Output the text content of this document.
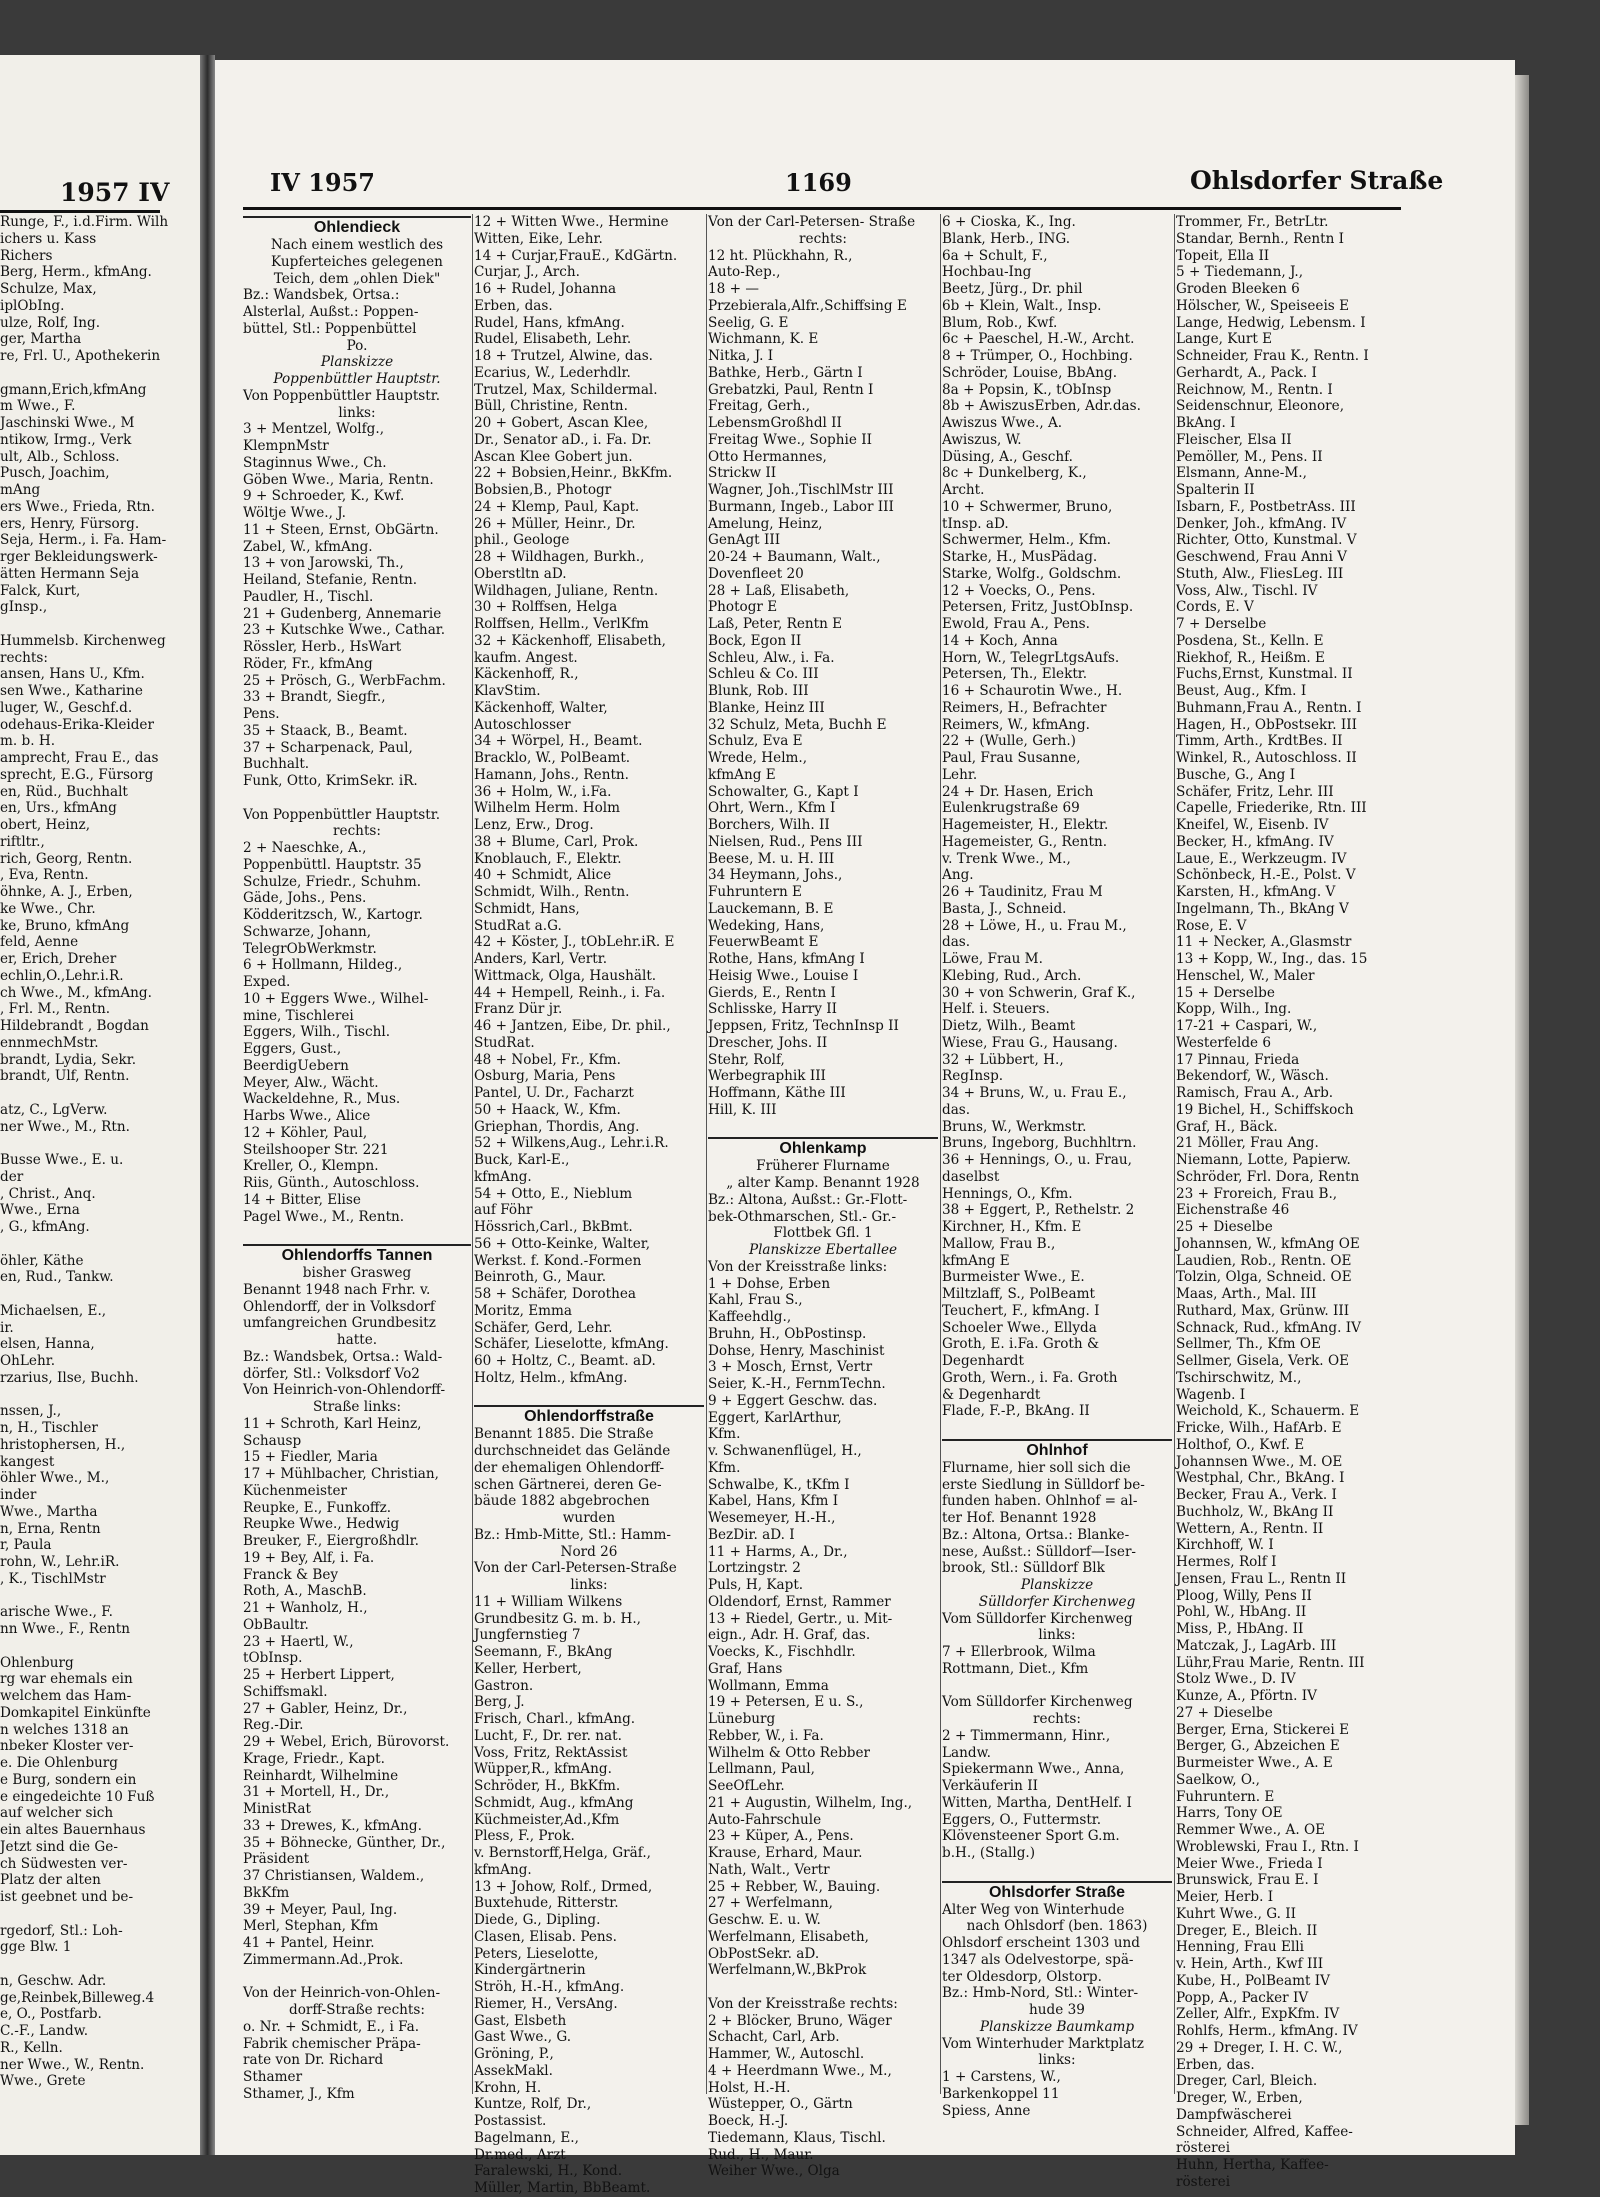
1957 IV
Runge, F., i.d.Firm. Wilh
ichers u. Kass
Richers
Berg, Herm., kfmAng.
Schulze, Max,
iplObIng.
ulze, Rolf, Ing.
ger, Martha
re, Frl. U., Apothekerin
gmann,Erich,kfmAng
m Wwe., F.
Jaschinski Wwe., M
ntikow, Irmg., Verk
ult, Alb., Schloss.
Pusch, Joachim,
mAng
ers Wwe., Frieda, Rtn.
ers, Henry, Fürsorg.
Seja, Herm., i. Fa. Ham-
rger Bekleidungswerk-
ätten Hermann Seja
Falck, Kurt,
gInsp.,
Hummelsb. Kirchenweg
rechts:
ansen, Hans U., Kfm.
sen Wwe., Katharine
luger, W., Geschf.d.
odehaus-Erika-Kleider
m. b. H.
amprecht, Frau E., das
sprecht, E.G., Fürsorg
en, Rüd., Buchhalt
en, Urs., kfmAng
obert, Heinz,
riftltr.,
rich, Georg, Rentn.
, Eva, Rentn.
öhnke, A. J., Erben,
ke Wwe., Chr.
ke, Bruno, kfmAng
feld, Aenne
er, Erich, Dreher
echlin,O.,Lehr.i.R.
ch Wwe., M., kfmAng.
, Frl. M., Rentn.
Hildebrandt , Bogdan
ennmechMstr.
brandt, Lydia, Sekr.
brandt, Ulf, Rentn.
atz, C., LgVerw.
ner Wwe., M., Rtn.
Busse Wwe., E. u.
der
, Christ., Anq.
Wwe., Erna
, G., kfmAng.
öhler, Käthe
en, Rud., Tankw.
Michaelsen, E.,
ir.
elsen, Hanna,
OhLehr.
rzarius, Ilse, Buchh.
nssen, J.,
n, H., Tischler
hristophersen, H.,
kangest
öhler Wwe., M.,
inder
Wwe., Martha
n, Erna, Rentn
r, Paula
rohn, W., Lehr.iR.
, K., TischlMstr
arische Wwe., F.
nn Wwe., F., Rentn
Ohlenburg
rg war ehemals ein
welchem das Ham-
Domkapitel Einkünfte
n welches 1318 an
nbeker Kloster ver-
e. Die Ohlenburg
e Burg, sondern ein
e eingedeichte 10 Fuß
auf welcher sich
ein altes Bauernhaus
Jetzt sind die Ge-
ch Südwesten ver-
Platz der alten
ist geebnet und be-
rgedorf, Stl.: Loh-
gge Blw. 1
n, Geschw. Adr.
ge,Reinbek,Billeweg.4
e, O., Postfarb.
C.-F., Landw.
R., Kelln.
ner Wwe., W., Rentn.
Wwe., Grete
IV 1957	1169	Ohlsdorfer Straße
Ohlendieck
Nach einem westlich des
Kupferteiches gelegenen
Teich, dem „ohlen Diek"
Bz.: Wandsbek, Ortsa.:
Alsterlal, Außst.: Poppen-
büttel, Stl.: Poppenbüttel
Po.
Planskizze
Poppenbüttler Hauptstr.
Von Poppenbüttler Hauptstr.
links:
3 + Mentzel, Wolfg.,
KlempnMstr
Staginnus Wwe., Ch.
Göben Wwe., Maria, Rentn.
9 + Schroeder, K., Kwf.
Wöltje Wwe., J.
11 + Steen, Ernst, ObGärtn.
Zabel, W., kfmAng.
13 + von Jarowski, Th.,
Heiland, Stefanie, Rentn.
Paudler, H., Tischl.
21 + Gudenberg, Annemarie
23 + Kutschke Wwe., Cathar.
Rössler, Herb., HsWart
Röder, Fr., kfmAng
25 + Prösch, G., WerbFachm.
33 + Brandt, Siegfr.,
Pens.
35 + Staack, B., Beamt.
37 + Scharpenack, Paul,
Buchhalt.
Funk, Otto, KrimSekr. iR.
Von Poppenbüttler Hauptstr.
rechts:
2 + Naeschke, A.,
Poppenbüttl. Hauptstr. 35
Schulze, Friedr., Schuhm.
Gäde, Johs., Pens.
Ködderitzsch, W., Kartogr.
Schwarze, Johann,
TelegrObWerkmstr.
6 + Hollmann, Hildeg.,
Exped.
10 + Eggers Wwe., Wilhel-
mine, Tischlerei
Eggers, Wilh., Tischl.
Eggers, Gust.,
BeerdigUebern
Meyer, Alw., Wächt.
Wackeldehne, R., Mus.
Harbs Wwe., Alice
12 + Köhler, Paul,
Steilshooper Str. 221
Kreller, O., Klempn.
Riis, Günth., Autoschloss.
14 + Bitter, Elise
Pagel Wwe., M., Rentn.
Ohlendorffs Tannen
bisher Grasweg
Benannt 1948 nach Frhr. v.
Ohlendorff, der in Volksdorf
umfangreichen Grundbesitz
hatte.
Bz.: Wandsbek, Ortsa.: Wald-
dörfer, Stl.: Volksdorf Vo2
Von Heinrich-von-Ohlendorff-
Straße links:
11 + Schroth, Karl Heinz,
Schausp
15 + Fiedler, Maria
17 + Mühlbacher, Christian,
Küchenmeister
Reupke, E., Funkoffz.
Reupke Wwe., Hedwig
Breuker, F., Eiergroßhdlr.
19 + Bey, Alf, i. Fa.
Franck & Bey
Roth, A., MaschB.
21 + Wanholz, H.,
ObBaultr.
23 + Haertl, W.,
tObInsp.
25 + Herbert Lippert,
Schiffsmakl.
27 + Gabler, Heinz, Dr.,
Reg.-Dir.
29 + Webel, Erich, Bürovorst.
Krage, Friedr., Kapt.
Reinhardt, Wilhelmine
31 + Mortell, H., Dr.,
MinistRat
33 + Drewes, K., kfmAng.
35 + Böhnecke, Günther, Dr.,
Präsident
37 Christiansen, Waldem.,
BkKfm
39 + Meyer, Paul, Ing.
Merl, Stephan, Kfm
41 + Pantel, Heinr.
Zimmermann.Ad.,Prok.
Von der Heinrich-von-Ohlen-
dorff-Straße rechts:
o. Nr. + Schmidt, E., i Fa.
Fabrik chemischer Präpa-
rate von Dr. Richard
Sthamer
Sthamer, J., Kfm
12 + Witten Wwe., Hermine
Witten, Eike, Lehr.
14 + Curjar,FrauE., KdGärtn.
Curjar, J., Arch.
16 + Rudel, Johanna
Erben, das.
Rudel, Hans, kfmAng.
Rudel, Elisabeth, Lehr.
18 + Trutzel, Alwine, das.
Ecarius, W., Lederhdlr.
Trutzel, Max, Schildermal.
Büll, Christine, Rentn.
20 + Gobert, Ascan Klee,
Dr., Senator aD., i. Fa. Dr.
Ascan Klee Gobert jun.
22 + Bobsien,Heinr., BkKfm.
Bobsien,B., Photogr
24 + Klemp, Paul, Kapt.
26 + Müller, Heinr., Dr.
phil., Geologe
28 + Wildhagen, Burkh.,
Oberstltn aD.
Wildhagen, Juliane, Rentn.
30 + Rolffsen, Helga
Rolffsen, Hellm., VerlKfm
32 + Käckenhoff, Elisabeth,
kaufm. Angest.
Käckenhoff, R.,
KlavStim.
Käckenhoff, Walter,
Autoschlosser
34 + Wörpel, H., Beamt.
Bracklo, W., PolBeamt.
Hamann, Johs., Rentn.
36 + Holm, W., i.Fa.
Wilhelm Herm. Holm
Lenz, Erw., Drog.
38 + Blume, Carl, Prok.
Knoblauch, F., Elektr.
40 + Schmidt, Alice
Schmidt, Wilh., Rentn.
Schmidt, Hans,
StudRat a.G.
42 + Köster, J., tObLehr.iR. E
Anders, Karl, Vertr.
Wittmack, Olga, Haushält.
44 + Hempell, Reinh., i. Fa.
Franz Dür jr.
46 + Jantzen, Eibe, Dr. phil.,
StudRat.
48 + Nobel, Fr., Kfm.
Osburg, Maria, Pens
Pantel, U. Dr., Facharzt
50 + Haack, W., Kfm.
Griephan, Thordis, Ang.
52 + Wilkens,Aug., Lehr.i.R.
Buck, Karl-E.,
kfmAng.
54 + Otto, E., Nieblum
auf Föhr
Hössrich,Carl., BkBmt.
56 + Otto-Keinke, Walter,
Werkst. f. Kond.-Formen
Beinroth, G., Maur.
58 + Schäfer, Dorothea
Moritz, Emma
Schäfer, Gerd, Lehr.
Schäfer, Lieselotte, kfmAng.
60 + Holtz, C., Beamt. aD.
Holtz, Helm., kfmAng.
Ohlendorffstraße
Benannt 1885. Die Straße
durchschneidet das Gelände
der ehemaligen Ohlendorff-
schen Gärtnerei, deren Ge-
bäude 1882 abgebrochen
wurden
Bz.: Hmb-Mitte, Stl.: Hamm-
Nord 26
Von der Carl-Petersen-Straße
links:
11 + William Wilkens
Grundbesitz G. m. b. H.,
Jungfernstieg 7
Seemann, F., BkAng
Keller, Herbert,
Gastron.
Berg, J.
Frisch, Charl., kfmAng.
Lucht, F., Dr. rer. nat.
Voss, Fritz, RektAssist
Wüpper,R., kfmAng.
Schröder, H., BkKfm.
Schmidt, Aug., kfmAng
Küchmeister,Ad.,Kfm
Pless, F., Prok.
v. Bernstorff,Helga, Gräf.,
kfmAng.
13 + Johow, Rolf., Drmed,
Buxtehude, Ritterstr.
Diede, G., Dipling.
Clasen, Elisab. Pens.
Peters, Lieselotte,
Kindergärtnerin
Ströh, H.-H., kfmAng.
Riemer, H., VersAng.
Gast, Elsbeth
Gast Wwe., G.
Gröning, P.,
AssekMakl.
Krohn, H.
Kuntze, Rolf, Dr.,
Postassist.
Bagelmann, E.,
Dr.med., Arzt
Faralewski, H., Kond.
Müller, Martin, BbBeamt.
Von der Carl-Petersen- Straße
rechts:
12 ht. Plückhahn, R.,
Auto-Rep.,
18 + —
Przebierala,Alfr.,Schiffsing E
Seelig, G. E
Wichmann, K. E
Nitka, J. I
Bathke, Herb., Gärtn I
Grebatzki, Paul, Rentn I
Freitag, Gerh.,
LebensmGroßhdl II
Freitag Wwe., Sophie II
Otto Hermannes,
Strickw II
Wagner, Joh.,TischlMstr III
Burmann, Ingeb., Labor III
Amelung, Heinz,
GenAgt III
20-24 + Baumann, Walt.,
Dovenfleet 20
28 + Laß, Elisabeth,
Photogr E
Laß, Peter, Rentn E
Bock, Egon II
Schleu, Alw., i. Fa.
Schleu & Co. III
Blunk, Rob. III
Blanke, Heinz III
32 Schulz, Meta, Buchh E
Schulz, Eva E
Wrede, Helm.,
kfmAng E
Schowalter, G., Kapt I
Ohrt, Wern., Kfm I
Borchers, Wilh. II
Nielsen, Rud., Pens III
Beese, M. u. H. III
34 Heymann, Johs.,
Fuhruntern E
Lauckemann, B. E
Wedeking, Hans,
FeuerwBeamt E
Rothe, Hans, kfmAng I
Heisig Wwe., Louise I
Gierds, E., Rentn I
Schlisske, Harry II
Jeppsen, Fritz, TechnInsp II
Drescher, Johs. II
Stehr, Rolf,
Werbegraphik III
Hoffmann, Käthe III
Hill, K. III
Ohlenkamp
Früherer Flurname
„ alter Kamp. Benannt 1928
Bz.: Altona, Außst.: Gr.-Flott-
bek-Othmarschen, Stl.- Gr.-
Flottbek Gfl. 1
Planskizze Ebertallee
Von der Kreisstraße links:
1 + Dohse, Erben
Kahl, Frau S.,
Kaffeehdlg.,
Bruhn, H., ObPostinsp.
Dohse, Henry, Maschinist
3 + Mosch, Ernst, Vertr
Seier, K.-H., FernmTechn.
9 + Eggert Geschw. das.
Eggert, KarlArthur,
Kfm.
v. Schwanenflügel, H.,
Kfm.
Schwalbe, K., tKfm I
Kabel, Hans, Kfm I
Wesemeyer, H.-H.,
BezDir. aD. I
11 + Harms, A., Dr.,
Lortzingstr. 2
Puls, H, Kapt.
Oldendorf, Ernst, Rammer
13 + Riedel, Gertr., u. Mit-
eign., Adr. H. Graf, das.
Voecks, K., Fischhdlr.
Graf, Hans
Wollmann, Emma
19 + Petersen, E u. S.,
Lüneburg
Rebber, W., i. Fa.
Wilhelm & Otto Rebber
Lellmann, Paul,
SeeOfLehr.
21 + Augustin, Wilhelm, Ing.,
Auto-Fahrschule
23 + Küper, A., Pens.
Krause, Erhard, Maur.
Nath, Walt., Vertr
25 + Rebber, W., Bauing.
27 + Werfelmann,
Geschw. E. u. W.
Werfelmann, Elisabeth,
ObPostSekr. aD.
Werfelmann,W.,BkProk
Von der Kreisstraße rechts:
2 + Blöcker, Bruno, Wäger
Schacht, Carl, Arb.
Hammer, W., Autoschl.
4 + Heerdmann Wwe., M.,
Holst, H.-H.
Wüstepper, O., Gärtn
Boeck, H.-J.
Tiedemann, Klaus, Tischl.
Rud., H., Maur.
Weiher Wwe., Olga
6 + Cioska, K., Ing.
Blank, Herb., ING.
6a + Schult, F.,
Hochbau-Ing
Beetz, Jürg., Dr. phil
6b + Klein, Walt., Insp.
Blum, Rob., Kwf.
6c + Paeschel, H.-W., Archt.
8 + Trümper, O., Hochbing.
Schröder, Louise, BbAng.
8a + Popsin, K., tObInsp
8b + AwiszusErben, Adr.das.
Awiszus Wwe., A.
Awiszus, W.
Düsing, A., Geschf.
8c + Dunkelberg, K.,
Archt.
10 + Schwermer, Bruno,
tInsp. aD.
Schwermer, Helm., Kfm.
Starke, H., MusPädag.
Starke, Wolfg., Goldschm.
12 + Voecks, O., Pens.
Petersen, Fritz, JustObInsp.
Ewold, Frau A., Pens.
14 + Koch, Anna
Horn, W., TelegrLtgsAufs.
Petersen, Th., Elektr.
16 + Schaurotin Wwe., H.
Reimers, H., Befrachter
Reimers, W., kfmAng.
22 + (Wulle, Gerh.)
Paul, Frau Susanne,
Lehr.
24 + Dr. Hasen, Erich
Eulenkrugstraße 69
Hagemeister, H., Elektr.
Hagemeister, G., Rentn.
v. Trenk Wwe., M.,
Ang.
26 + Taudinitz, Frau M
Basta, J., Schneid.
28 + Löwe, H., u. Frau M.,
das.
Löwe, Frau M.
Klebing, Rud., Arch.
30 + von Schwerin, Graf K.,
Helf. i. Steuers.
Dietz, Wilh., Beamt
Wiese, Frau G., Hausang.
32 + Lübbert, H.,
RegInsp.
34 + Bruns, W., u. Frau E.,
das.
Bruns, W., Werkmstr.
Bruns, Ingeborg, Buchhltrn.
36 + Hennings, O., u. Frau,
daselbst
Hennings, O., Kfm.
38 + Eggert, P., Rethelstr. 2
Kirchner, H., Kfm. E
Mallow, Frau B.,
kfmAng E
Burmeister Wwe., E.
Miltzlaff, S., PolBeamt
Teuchert, F., kfmAng. I
Schoeler Wwe., Ellyda
Groth, E. i.Fa. Groth &
Degenhardt
Groth, Wern., i. Fa. Groth
& Degenhardt
Flade, F.-P., BkAng. II
Ohlnhof
Flurname, hier soll sich die
erste Siedlung in Sülldorf be-
funden haben. Ohlnhof = al-
ter Hof. Benannt 1928
Bz.: Altona, Ortsa.: Blanke-
nese, Außst.: Sülldorf—Iser-
brook, Stl.: Sülldorf Blk
Planskizze
Sülldorfer Kirchenweg
Vom Sülldorfer Kirchenweg
links:
7 + Ellerbrook, Wilma
Rottmann, Diet., Kfm
Vom Sülldorfer Kirchenweg
rechts:
2 + Timmermann, Hinr.,
Landw.
Spiekermann Wwe., Anna,
Verkäuferin II
Witten, Martha, DentHelf. I
Eggers, O., Futtermstr.
Klövensteener Sport G.m.
b.H., (Stallg.)
Ohlsdorfer Straße
Alter Weg von Winterhude
nach Ohlsdorf (ben. 1863)
Ohlsdorf erscheint 1303 und
1347 als Odelvestorpe, spä-
ter Oldesdorp, Olstorp.
Bz.: Hmb-Nord, Stl.: Winter-
hude 39
Planskizze Baumkamp
Vom Winterhuder Marktplatz
links:
1 + Carstens, W.,
Barkenkoppel 11
Spiess, Anne
Trommer, Fr., BetrLtr.
Standar, Bernh., Rentn I
Topeit, Ella II
5 + Tiedemann, J.,
Groden Bleeken 6
Hölscher, W., Speiseeis E
Lange, Hedwig, Lebensm. I
Lange, Kurt E
Schneider, Frau K., Rentn. I
Gerhardt, A., Pack. I
Reichnow, M., Rentn. I
Seidenschnur, Eleonore,
BkAng. I
Fleischer, Elsa II
Pemöller, M., Pens. II
Elsmann, Anne-M.,
Spalterin II
Isbarn, F., PostbetrAss. III
Denker, Joh., kfmAng. IV
Richter, Otto, Kunstmal. V
Geschwend, Frau Anni V
Stuth, Alw., FliesLeg. III
Voss, Alw., Tischl. IV
Cords, E. V
7 + Derselbe
Posdena, St., Kelln. E
Riekhof, R., Heißm. E
Fuchs,Ernst, Kunstmal. II
Beust, Aug., Kfm. I
Buhmann,Frau A., Rentn. I
Hagen, H., ObPostsekr. III
Timm, Arth., KrdtBes. II
Winkel, R., Autoschloss. II
Busche, G., Ang I
Schäfer, Fritz, Lehr. III
Capelle, Friederike, Rtn. III
Kneifel, W., Eisenb. IV
Becker, H., kfmAng. IV
Laue, E., Werkzeugm. IV
Schönbeck, H.-E., Polst. V
Karsten, H., kfmAng. V
Ingelmann, Th., BkAng V
Rose, E. V
11 + Necker, A.,Glasmstr
13 + Kopp, W., Ing., das. 15
Henschel, W., Maler
15 + Derselbe
Kopp, Wilh., Ing.
17-21 + Caspari, W.,
Westerfelde 6
17 Pinnau, Frieda
Bekendorf, W., Wäsch.
Ramisch, Frau A., Arb.
19 Bichel, H., Schiffskoch
Graf, H., Bäck.
21 Möller, Frau Ang.
Niemann, Lotte, Papierw.
Schröder, Frl. Dora, Rentn
23 + Froreich, Frau B.,
Eichenstraße 46
25 + Dieselbe
Johannsen, W., kfmAng OE
Laudien, Rob., Rentn. OE
Tolzin, Olga, Schneid. OE
Maas, Arth., Mal. III
Ruthard, Max, Grünw. III
Schnack, Rud., kfmAng. IV
Sellmer, Th., Kfm OE
Sellmer, Gisela, Verk. OE
Tschirschwitz, M.,
Wagenb. I
Weichold, K., Schauerm. E
Fricke, Wilh., HafArb. E
Holthof, O., Kwf. E
Johannsen Wwe., M. OE
Westphal, Chr., BkAng. I
Becker, Frau A., Verk. I
Buchholz, W., BkAng II
Wettern, A., Rentn. II
Kirchhoff, W. I
Hermes, Rolf I
Jensen, Frau L., Rentn II
Ploog, Willy, Pens II
Pohl, W., HbAng. II
Miss, P., HbAng. II
Matczak, J., LagArb. III
Lühr,Frau Marie, Rentn. III
Stolz Wwe., D. IV
Kunze, A., Pförtn. IV
27 + Dieselbe
Berger, Erna, Stickerei E
Berger, G., Abzeichen E
Burmeister Wwe., A. E
Saelkow, O.,
Fuhruntern. E
Harrs, Tony OE
Remmer Wwe., A. OE
Wroblewski, Frau I., Rtn. I
Meier Wwe., Frieda I
Brunswick, Frau E. I
Meier, Herb. I
Kuhrt Wwe., G. II
Dreger, E., Bleich. II
Henning, Frau Elli
v. Hein, Arth., Kwf III
Kube, H., PolBeamt IV
Popp, A., Packer IV
Zeller, Alfr., ExpKfm. IV
Rohlfs, Herm., kfmAng. IV
29 + Dreger, I. H. C. W.,
Erben, das.
Dreger, Carl, Bleich.
Dreger, W., Erben,
Dampfwäscherei
Schneider, Alfred, Kaffee-
rösterei
Huhn, Hertha, Kaffee-
rösterei
